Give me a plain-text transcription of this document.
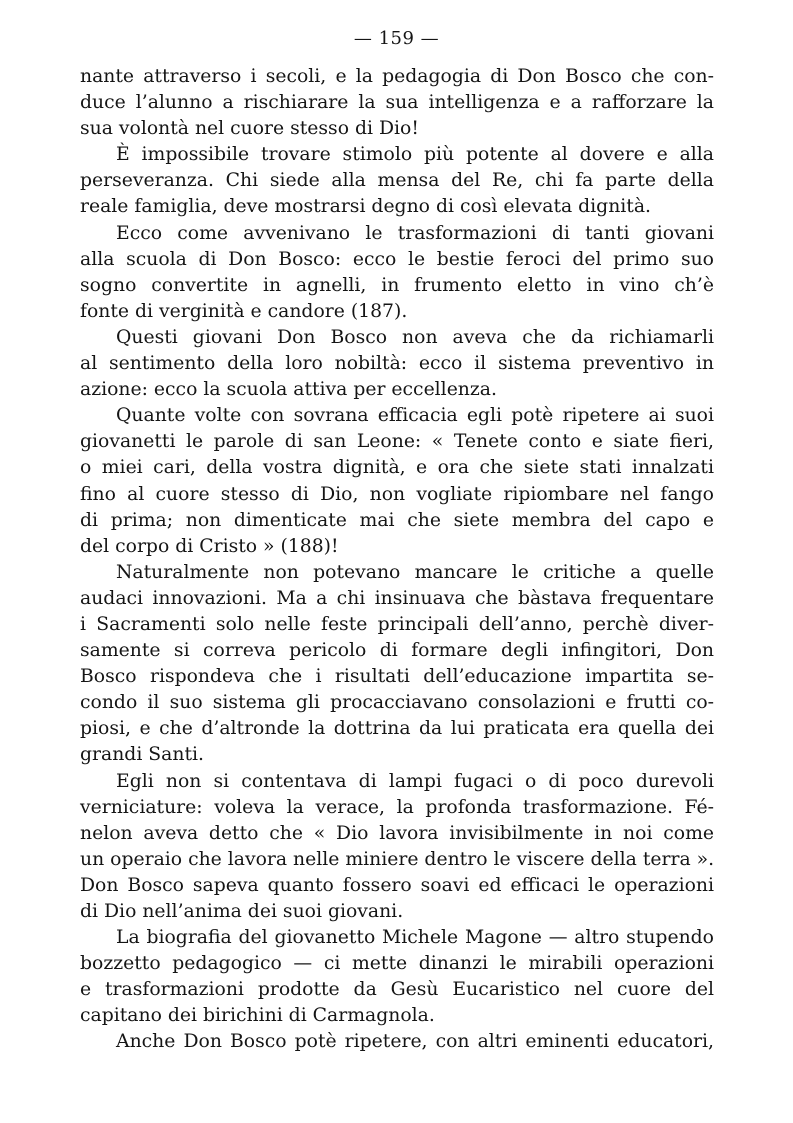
— 159 —
nante attraverso i secoli, e la pedagogia di Don Bosco che con-
duce l’alunno a rischiarare la sua intelligenza e a rafforzare la
sua volontà nel cuore stesso di Dio!
È impossibile trovare stimolo più potente al dovere e alla
perseveranza. Chi siede alla mensa del Re, chi fa parte della
reale famiglia, deve mostrarsi degno di così elevata dignità.
Ecco come avvenivano le trasformazioni di tanti giovani
alla scuola di Don Bosco: ecco le bestie feroci del primo suo
sogno convertite in agnelli, in frumento eletto in vino ch’è
fonte di verginità e candore (187).
Questi giovani Don Bosco non aveva che da richiamarli
al sentimento della loro nobiltà: ecco il sistema preventivo in
azione: ecco la scuola attiva per eccellenza.
Quante volte con sovrana efficacia egli potè ripetere ai suoi
giovanetti le parole di san Leone: « Tenete conto e siate fieri,
o miei cari, della vostra dignità, e ora che siete stati innalzati
fino al cuore stesso di Dio, non vogliate ripiombare nel fango
di prima; non dimenticate mai che siete membra del capo e
del corpo di Cristo » (188)!
Naturalmente non potevano mancare le critiche a quelle
audaci innovazioni. Ma a chi insinuava che bàstava frequentare
i Sacramenti solo nelle feste principali dell’anno, perchè diver-
samente si correva pericolo di formare degli infingitori, Don
Bosco rispondeva che i risultati dell’educazione impartita se-
condo il suo sistema gli procacciavano consolazioni e frutti co-
piosi, e che d’altronde la dottrina da lui praticata era quella dei
grandi Santi.
Egli non si contentava di lampi fugaci o di poco durevoli
verniciature: voleva la verace, la profonda trasformazione. Fé-
nelon aveva detto che « Dio lavora invisibilmente in noi come
un operaio che lavora nelle miniere dentro le viscere della terra ».
Don Bosco sapeva quanto fossero soavi ed efficaci le operazioni
di Dio nell’anima dei suoi giovani.
La biografia del giovanetto Michele Magone — altro stupendo
bozzetto pedagogico — ci mette dinanzi le mirabili operazioni
e trasformazioni prodotte da Gesù Eucaristico nel cuore del
capitano dei birichini di Carmagnola.
Anche Don Bosco potè ripetere, con altri eminenti educatori,
